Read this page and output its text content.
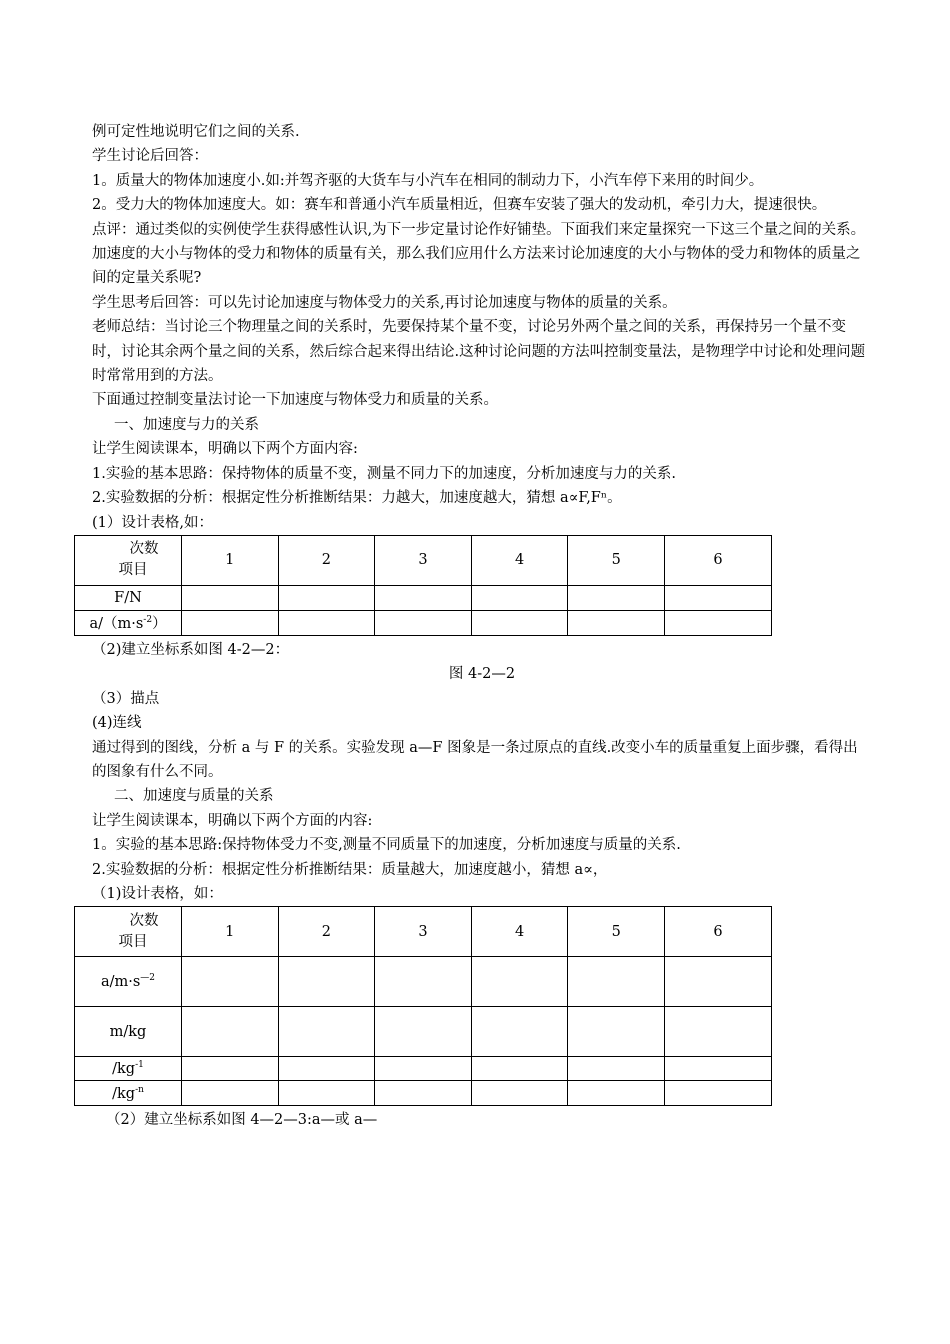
例可定性地说明它们之间的关系.

学生讨论后回答：

1。质量大的物体加速度小.如:并驾齐驱的大货车与小汽车在相同的制动力下，小汽车停下来用的时间少。

2。受力大的物体加速度大。如：赛车和普通小汽车质量相近，但赛车安装了强大的发动机，牵引力大，提速很快。

点评：通过类似的实例使学生获得感性认识,为下一步定量讨论作好铺垫。下面我们来定量探究一下这三个量之间的关系。

加速度的大小与物体的受力和物体的质量有关，那么我们应用什么方法来讨论加速度的大小与物体的受力和物体的质量之间的定量关系呢?

学生思考后回答：可以先讨论加速度与物体受力的关系,再讨论加速度与物体的质量的关系。

老师总结：当讨论三个物理量之间的关系时，先要保持某个量不变，讨论另外两个量之间的关系，再保持另一个量不变时，讨论其余两个量之间的关系，然后综合起来得出结论.这种讨论问题的方法叫控制变量法，是物理学中讨论和处理问题时常常用到的方法。

下面通过控制变量法讨论一下加速度与物体受力和质量的关系。

一、加速度与力的关系

让学生阅读课本，明确以下两个方面内容:

1.实验的基本思路：保持物体的质量不变，测量不同力下的加速度，分析加速度与力的关系.

2.实验数据的分析：根据定性分析推断结果：力越大，加速度越大，猜想 a∝F,Fⁿ。

(1）设计表格,如：

次数
项目	1	2	3	4	5	6
F/N						
$a/(m\cdot s^{-2})$						

（2)建立坐标系如图 4-2—2：

图 4-2—2

（3）描点

(4)连线

通过得到的图线，分析 a 与 F 的关系。实验发现 a—F 图象是一条过原点的直线.改变小车的质量重复上面步骤，看得出的图象有什么不同。

二、加速度与质量的关系

让学生阅读课本，明确以下两个方面的内容:

1。实验的基本思路:保持物体受力不变,测量不同质量下的加速度，分析加速度与质量的关系.

2.实验数据的分析：根据定性分析推断结果：质量越大，加速度越小，猜想 a∝，

（1)设计表格，如：

次数
项目	1	2	3	4	5	6
$a/m\cdot s^{—2}$						
m/kg						
$/kg^{-1}$						
$/kg^{-n}$						

（2）建立坐标系如图 4—2—3:a—或 a—
